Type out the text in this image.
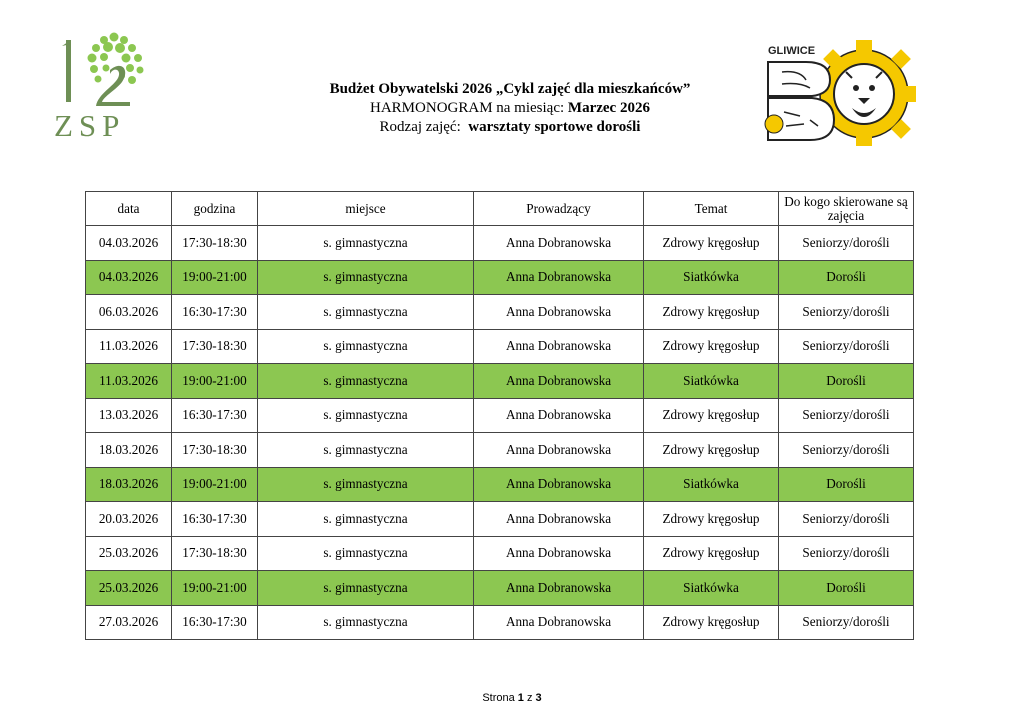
ZSP
GLIWICE
Budżet Obywatelski 2026 „Cykl zajęć dla mieszkańców”
HARMONOGRAM na miesiąc: Marzec 2026
Rodzaj zajęć: warsztaty sportowe dorośli
data	godzina	miejsce	Prowadzący	Temat	Do kogo skierowane są zajęcia
04.03.2026	17:30-18:30	s. gimnastyczna	Anna Dobranowska	Zdrowy kręgosłup	Seniorzy/dorośli
04.03.2026	19:00-21:00	s. gimnastyczna	Anna Dobranowska	Siatkówka	Dorośli
06.03.2026	16:30-17:30	s. gimnastyczna	Anna Dobranowska	Zdrowy kręgosłup	Seniorzy/dorośli
11.03.2026	17:30-18:30	s. gimnastyczna	Anna Dobranowska	Zdrowy kręgosłup	Seniorzy/dorośli
11.03.2026	19:00-21:00	s. gimnastyczna	Anna Dobranowska	Siatkówka	Dorośli
13.03.2026	16:30-17:30	s. gimnastyczna	Anna Dobranowska	Zdrowy kręgosłup	Seniorzy/dorośli
18.03.2026	17:30-18:30	s. gimnastyczna	Anna Dobranowska	Zdrowy kręgosłup	Seniorzy/dorośli
18.03.2026	19:00-21:00	s. gimnastyczna	Anna Dobranowska	Siatkówka	Dorośli
20.03.2026	16:30-17:30	s. gimnastyczna	Anna Dobranowska	Zdrowy kręgosłup	Seniorzy/dorośli
25.03.2026	17:30-18:30	s. gimnastyczna	Anna Dobranowska	Zdrowy kręgosłup	Seniorzy/dorośli
25.03.2026	19:00-21:00	s. gimnastyczna	Anna Dobranowska	Siatkówka	Dorośli
27.03.2026	16:30-17:30	s. gimnastyczna	Anna Dobranowska	Zdrowy kręgosłup	Seniorzy/dorośli
Strona 1 z 3
